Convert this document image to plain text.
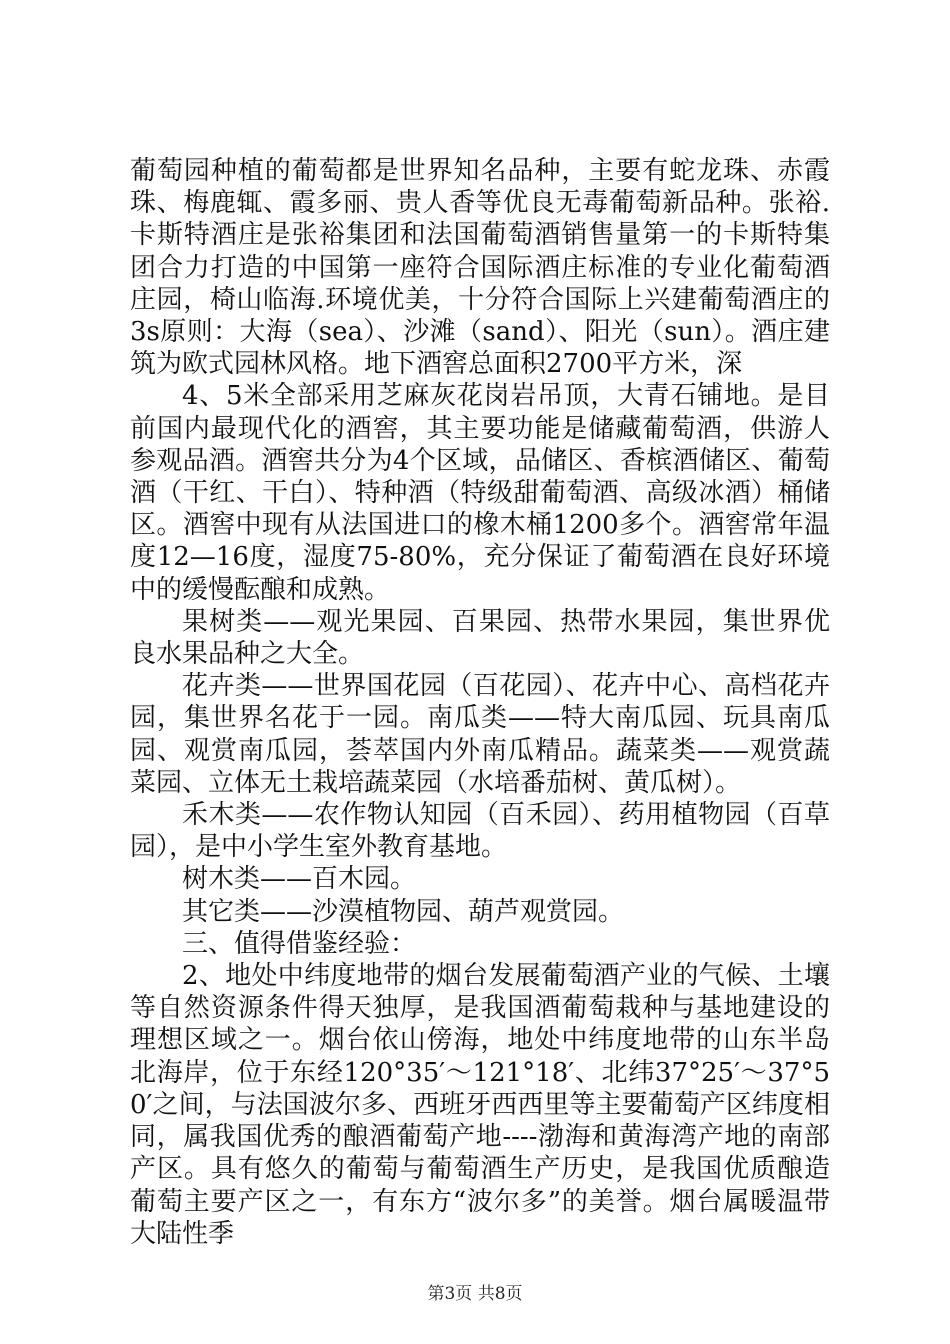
葡萄园种植的葡萄都是世界知名品种，主要有蛇龙珠、赤霞珠、梅鹿辄、霞多丽、贵人香等优良无毒葡萄新品种。张裕.卡斯特酒庄是张裕集团和法国葡萄酒销售量第一的卡斯特集团合力打造的中国第一座符合国际酒庄标准的专业化葡萄酒庄园，椅山临海.环境优美，十分符合国际上兴建葡萄酒庄的3s原则：大海（sea）、沙滩（sand）、阳光（sun）。酒庄建筑为欧式园林风格。地下酒窖总面积2700平方米，深

4、5米全部采用芝麻灰花岗岩吊顶，大青石铺地。是目前国内最现代化的酒窖，其主要功能是储藏葡萄酒，供游人参观品酒。酒窖共分为4个区域，品储区、香槟酒储区、葡萄酒（干红、干白）、特种酒（特级甜葡萄酒、高级冰酒）桶储区。酒窖中现有从法国进口的橡木桶1200多个。酒窖常年温度12—16度，湿度75-80%，充分保证了葡萄酒在良好环境中的缓慢酝酿和成熟。

果树类——观光果园、百果园、热带水果园，集世界优良水果品种之大全。

花卉类——世界国花园（百花园）、花卉中心、高档花卉园，集世界名花于一园。南瓜类——特大南瓜园、玩具南瓜园、观赏南瓜园，荟萃国内外南瓜精品。蔬菜类——观赏蔬菜园、立体无土栽培蔬菜园（水培番茄树、黄瓜树）。

禾木类——农作物认知园（百禾园）、药用植物园（百草园），是中小学生室外教育基地。

树木类——百木园。

其它类——沙漠植物园、葫芦观赏园。

三、值得借鉴经验：

2、地处中纬度地带的烟台发展葡萄酒产业的气候、土壤等自然资源条件得天独厚，是我国酒葡萄栽种与基地建设的理想区域之一。烟台依山傍海，地处中纬度地带的山东半岛北海岸，位于东经120°35′～121°18′、北纬37°25′～37°50′之间，与法国波尔多、西班牙西西里等主要葡萄产区纬度相同，属我国优秀的酿酒葡萄产地----渤海和黄海湾产地的南部产区。具有悠久的葡萄与葡萄酒生产历史，是我国优质酿造葡萄主要产区之一，有东方“波尔多”的美誉。烟台属暖温带大陆性季

第3页 共8页
